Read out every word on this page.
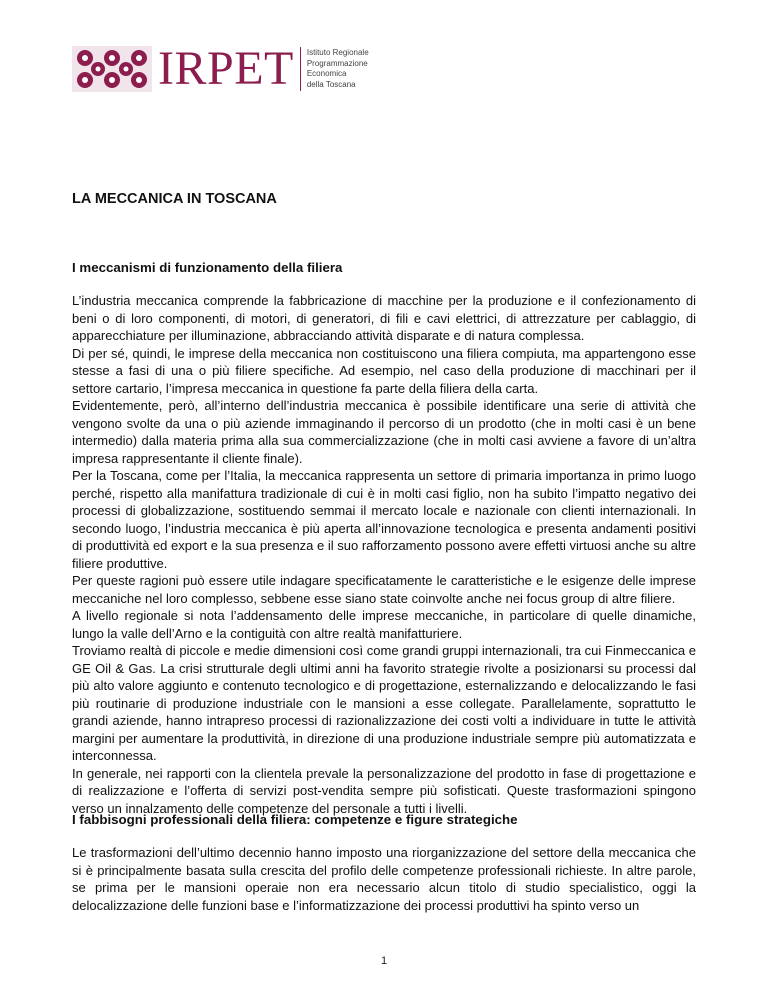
IRPET Istituto Regionale
Programmazione
Economica
della Toscana
LA MECCANICA IN TOSCANA
I meccanismi di funzionamento della filiera

L’industria meccanica comprende la fabbricazione di macchine per la produzione e il confezionamento di beni o di loro componenti, di motori, di generatori, di fili e cavi elettrici, di attrezzature per cablaggio, di apparecchiature per illuminazione, abbracciando attività disparate e di natura complessa.

Di per sé, quindi, le imprese della meccanica non costituiscono una filiera compiuta, ma appartengono esse stesse a fasi di una o più filiere specifiche. Ad esempio, nel caso della produzione di macchinari per il settore cartario, l’impresa meccanica in questione fa parte della filiera della carta.

Evidentemente, però, all’interno dell’industria meccanica è possibile identificare una serie di attività che vengono svolte da una o più aziende immaginando il percorso di un prodotto (che in molti casi è un bene intermedio) dalla materia prima alla sua commercializzazione (che in molti casi avviene a favore di un’altra impresa rappresentante il cliente finale).

Per la Toscana, come per l’Italia, la meccanica rappresenta un settore di primaria importanza in primo luogo perché, rispetto alla manifattura tradizionale di cui è in molti casi figlio, non ha subito l’impatto negativo dei processi di globalizzazione, sostituendo semmai il mercato locale e nazionale con clienti internazionali. In secondo luogo, l’industria meccanica è più aperta all’innovazione tecnologica e presenta andamenti positivi di produttività ed export e la sua presenza e il suo rafforzamento possono avere effetti virtuosi anche su altre filiere produttive.

Per queste ragioni può essere utile indagare specificatamente le caratteristiche e le esigenze delle imprese meccaniche nel loro complesso, sebbene esse siano state coinvolte anche nei focus group di altre filiere.

A livello regionale si nota l’addensamento delle imprese meccaniche, in particolare di quelle dinamiche, lungo la valle dell’Arno e la contiguità con altre realtà manifatturiere.

Troviamo realtà di piccole e medie dimensioni così come grandi gruppi internazionali, tra cui Finmeccanica e GE Oil & Gas. La crisi strutturale degli ultimi anni ha favorito strategie rivolte a posizionarsi su processi dal più alto valore aggiunto e contenuto tecnologico e di progettazione, esternalizzando e delocalizzando le fasi più routinarie di produzione industriale con le mansioni a esse collegate. Parallelamente, soprattutto le grandi aziende, hanno intrapreso processi di razionalizzazione dei costi volti a individuare in tutte le attività margini per aumentare la produttività, in direzione di una produzione industriale sempre più automatizzata e interconnessa.

In generale, nei rapporti con la clientela prevale la personalizzazione del prodotto in fase di progettazione e di realizzazione e l’offerta di servizi post-vendita sempre più sofisticati. Queste trasformazioni spingono verso un innalzamento delle competenze del personale a tutti i livelli.

I fabbisogni professionali della filiera: competenze e figure strategiche

Le trasformazioni dell’ultimo decennio hanno imposto una riorganizzazione del settore della meccanica che si è principalmente basata sulla crescita del profilo delle competenze professionali richieste. In altre parole, se prima per le mansioni operaie non era necessario alcun titolo di studio specialistico, oggi la delocalizzazione delle funzioni base e l’informatizzazione dei processi produttivi ha spinto verso un

1
